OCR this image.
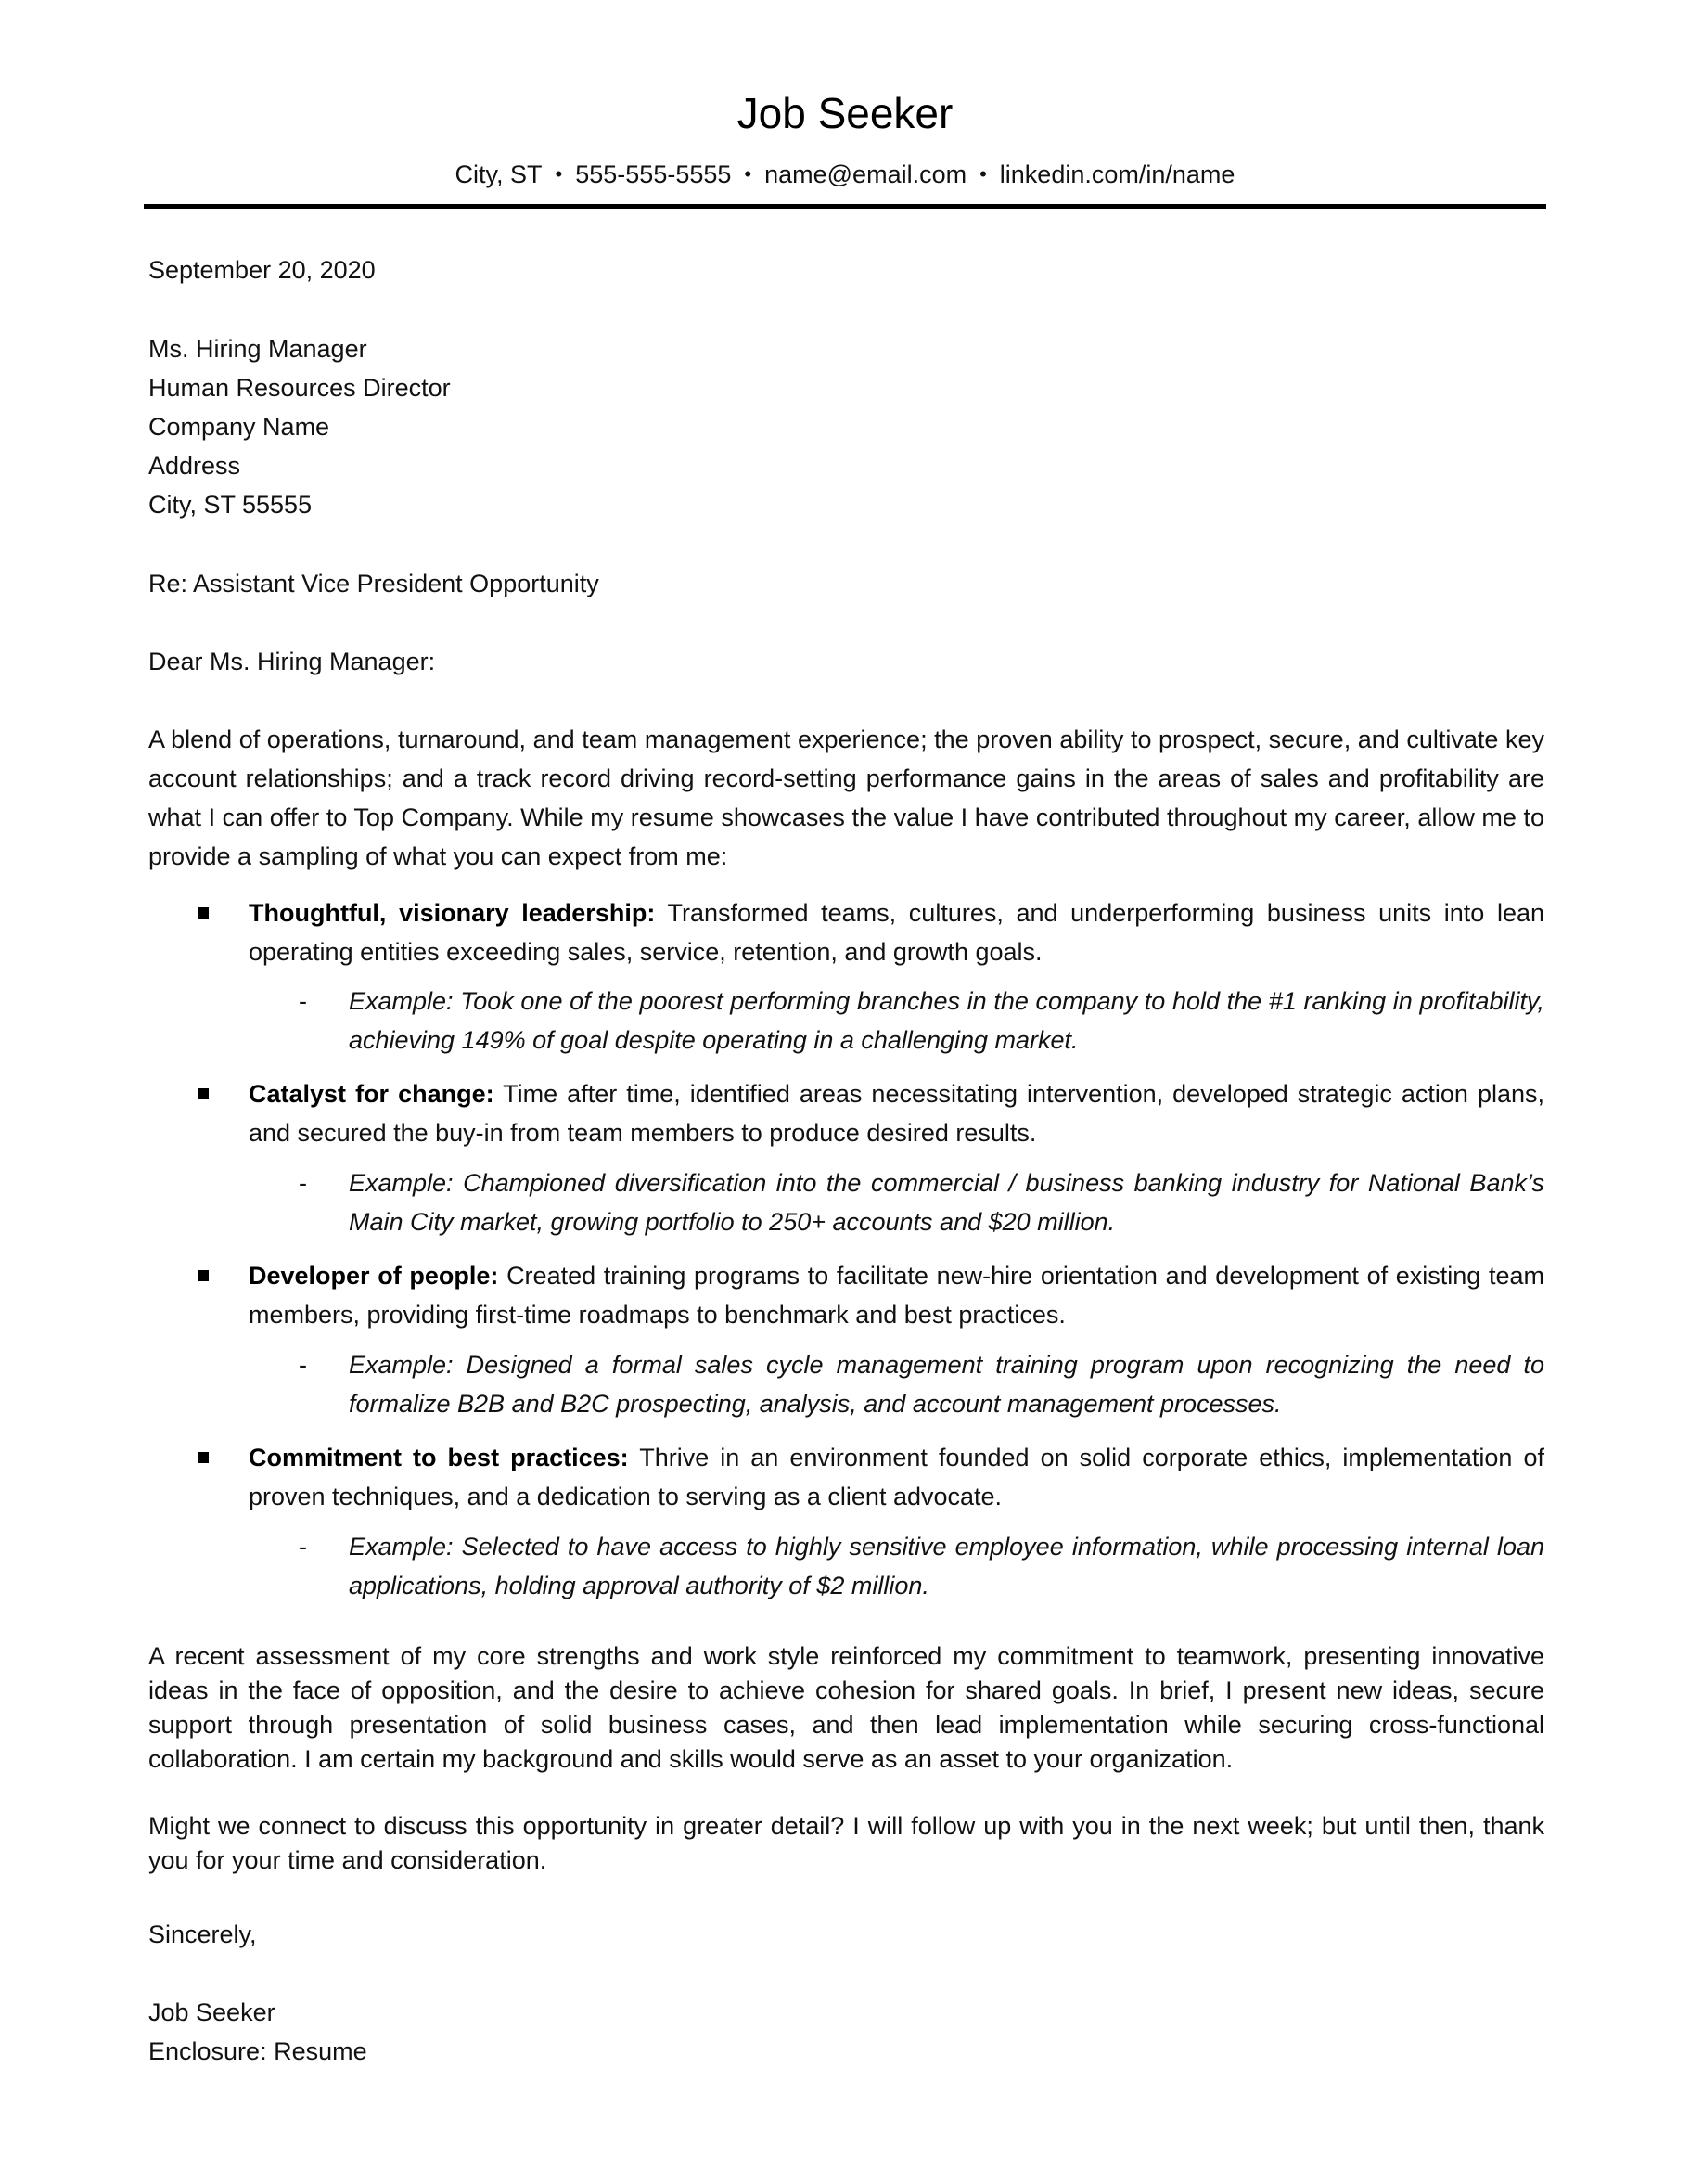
Job Seeker
City, ST • 555-555-5555 • name@email.com • linkedin.com/in/name
September 20, 2020
Ms. Hiring Manager
Human Resources Director
Company Name
Address
City, ST 55555
Re: Assistant Vice President Opportunity
Dear Ms. Hiring Manager:
A blend of operations, turnaround, and team management experience; the proven ability to prospect, secure, and cultivate key account relationships; and a track record driving record-setting performance gains in the areas of sales and profitability are what I can offer to Top Company. While my resume showcases the value I have contributed throughout my career, allow me to provide a sampling of what you can expect from me:
Thoughtful, visionary leadership: Transformed teams, cultures, and underperforming business units into lean operating entities exceeding sales, service, retention, and growth goals.
- Example: Took one of the poorest performing branches in the company to hold the #1 ranking in profitability, achieving 149% of goal despite operating in a challenging market.
Catalyst for change: Time after time, identified areas necessitating intervention, developed strategic action plans, and secured the buy-in from team members to produce desired results.
- Example: Championed diversification into the commercial / business banking industry for National Bank’s Main City market, growing portfolio to 250+ accounts and $20 million.
Developer of people: Created training programs to facilitate new-hire orientation and development of existing team members, providing first-time roadmaps to benchmark and best practices.
- Example: Designed a formal sales cycle management training program upon recognizing the need to formalize B2B and B2C prospecting, analysis, and account management processes.
Commitment to best practices: Thrive in an environment founded on solid corporate ethics, implementation of proven techniques, and a dedication to serving as a client advocate.
- Example: Selected to have access to highly sensitive employee information, while processing internal loan applications, holding approval authority of $2 million.
A recent assessment of my core strengths and work style reinforced my commitment to teamwork, presenting innovative ideas in the face of opposition, and the desire to achieve cohesion for shared goals. In brief, I present new ideas, secure support through presentation of solid business cases, and then lead implementation while securing cross-functional collaboration. I am certain my background and skills would serve as an asset to your organization.
Might we connect to discuss this opportunity in greater detail? I will follow up with you in the next week; but until then, thank you for your time and consideration.
Sincerely,
Job Seeker
Enclosure: Resume
